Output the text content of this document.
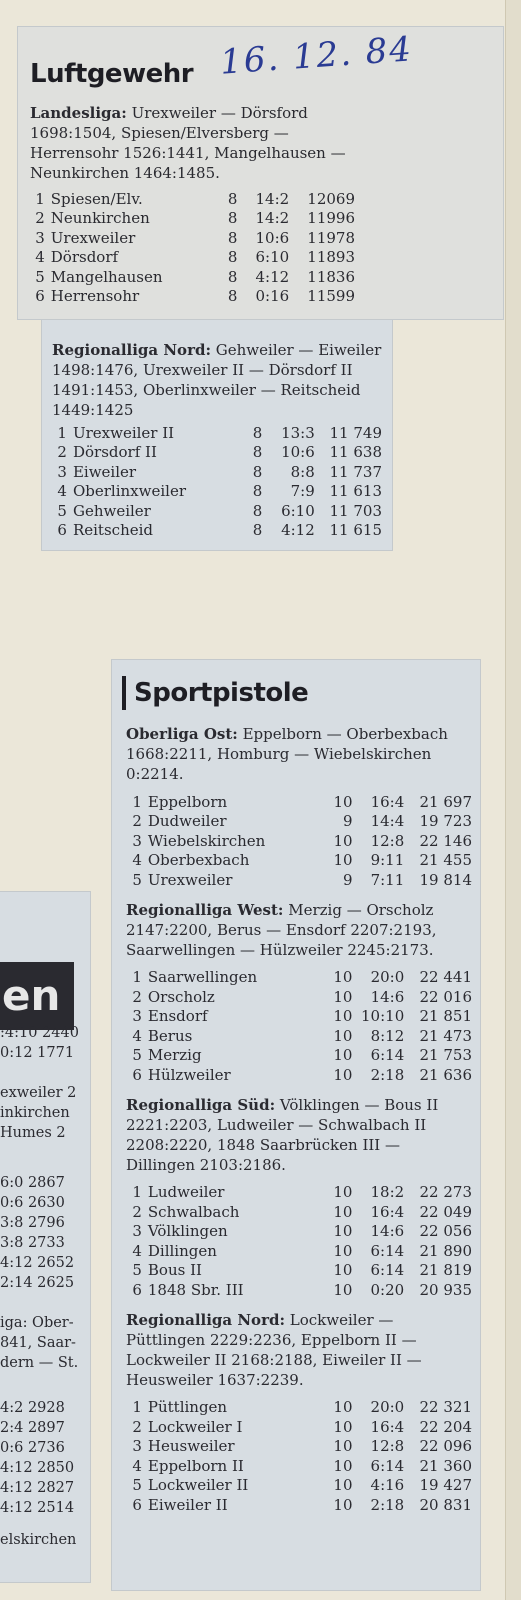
Luftgewehr

Landesliga: Urexweiler — Dörsford 1698:1504, Spiesen/Elversberg — Herrensohr 1526:1441, Mangelhausen — Neunkirchen 1464:1485.

1	Spiesen/Elv.	8	14:2	12069
2	Neunkirchen	8	14:2	11996
3	Urexweiler	8	10:6	11978
4	Dörsdorf	8	6:10	11893
5	Mangelhausen	8	4:12	11836
6	Herrensohr	8	0:16	11599
16. 12. 84

Regionalliga Nord: Gehweiler — Eiweiler 1498:1476, Urexweiler II — Dörsdorf II 1491:1453, Oberlinxweiler — Reitscheid 1449:1425

1	Urexweiler II	8	13:3	11 749
2	Dörsdorf II	8	10:6	11 638
3	Eiweiler	8	8:8	11 737
4	Oberlinxweiler	8	7:9	11 613
5	Gehweiler	8	6:10	11 703
6	Reitscheid	8	4:12	11 615
en
:4:10 2440
0:12 1771
exweiler 2
inkirchen
Humes 2
6:0 2867
0:6 2630
3:8 2796
3:8 2733
4:12 2652
2:14 2625
iga: Ober-
841, Saar-
dern — St.
4:2 2928
2:4 2897
0:6 2736
4:12 2850
4:12 2827
4:12 2514
elskirchen
Sportpistole

Oberliga Ost: Eppelborn — Oberbexbach 1668:2211, Homburg — Wiebelskirchen 0:2214.

1	Eppelborn	10	16:4	21 697
2	Dudweiler	9	14:4	19 723
3	Wiebelskirchen	10	12:8	22 146
4	Oberbexbach	10	9:11	21 455
5	Urexweiler	9	7:11	19 814

Regionalliga West: Merzig — Orscholz 2147:2200, Berus — Ensdorf 2207:2193, Saarwellingen — Hülzweiler 2245:2173.

1	Saarwellingen	10	20:0	22 441
2	Orscholz	10	14:6	22 016
3	Ensdorf	10	10:10	21 851
4	Berus	10	8:12	21 473
5	Merzig	10	6:14	21 753
6	Hülzweiler	10	2:18	21 636

Regionalliga Süd: Völklingen — Bous II 2221:2203, Ludweiler — Schwalbach II 2208:2220, 1848 Saarbrücken III — Dillingen 2103:2186.

1	Ludweiler	10	18:2	22 273
2	Schwalbach	10	16:4	22 049
3	Völklingen	10	14:6	22 056
4	Dillingen	10	6:14	21 890
5	Bous II	10	6:14	21 819
6	1848 Sbr. III	10	0:20	20 935

Regionalliga Nord: Lockweiler — Püttlingen 2229:2236, Eppelborn II — Lockweiler II 2168:2188, Eiweiler II — Heusweiler 1637:2239.

1	Püttlingen	10	20:0	22 321
2	Lockweiler I	10	16:4	22 204
3	Heusweiler	10	12:8	22 096
4	Eppelborn II	10	6:14	21 360
5	Lockweiler II	10	4:16	19 427
6	Eiweiler II	10	2:18	20 831
